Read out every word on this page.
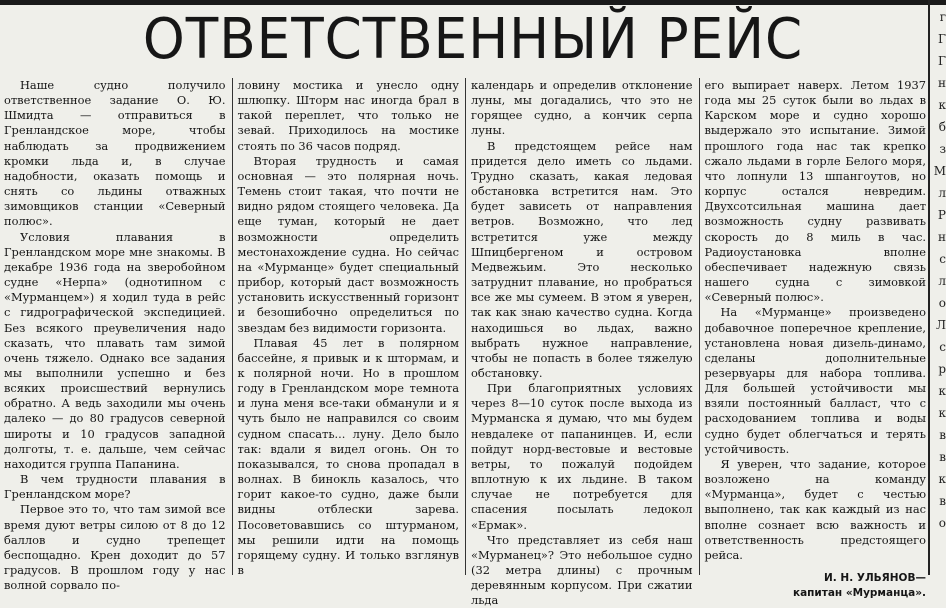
ОТВЕТСТВЕННЫЙ РЕЙС	г
Г
Г
н
к
б
з
М
л
Р
н
с
л
о
Л
с
р
к
к
в
в
к
в
о

Наше судно получило ответственное задание О. Ю. Шмидта — отправиться в Гренландское море, чтобы наблюдать за продвижением кромки льда и, в случае надобности, оказать помощь и снять со льдины отважных зимовщиков станции «Северный полюс».

Условия плавания в Гренландском море мне знакомы. В декабре 1936 года на зверобойном судне «Нерпа» (однотипном с «Мурманцем») я ходил туда в рейс с гидрографической экспедицией. Без всякого преувеличения надо сказать, что плавать там зимой очень тяжело. Однако все задания мы выполнили успешно и без всяких происшествий вернулись обратно. А ведь заходили мы очень далеко — до 80 градусов северной широты и 10 градусов западной долготы, т. е. дальше, чем сейчас находится группа Папанина.

В чем трудности плавания в Гренландском море?

Первое это то, что там зимой все время дуют ветры силою от 8 до 12 баллов и судно трепещет беспощадно. Крен доходит до 57 градусов. В прошлом году у нас волной сорвало по-

ловину мостика и унесло одну шлюпку. Шторм нас иногда брал в такой переплет, что только не зевай. Приходилось на мостике стоять по 36 часов подряд.

Вторая трудность и самая основная — это полярная ночь. Темень стоит такая, что почти не видно рядом стоящего человека. Да еще туман, который не дает возможности определить местонахождение судна. Но сейчас на «Мурманце» будет специальный прибор, который даст возможность установить искусственный горизонт и безошибочно определиться по звездам без видимости горизонта.

Плавая 45 лет в полярном бассейне, я привык и к штормам, и к полярной ночи. Но в прошлом году в Гренландском море темнота и луна меня все-таки обманули и я чуть было не направился со своим судном спасать... луну. Дело было так: вдали я видел огонь. Он то показывался, то снова пропадал в волнах. В бинокль казалось, что горит какое-то судно, даже были видны отблески зарева. Посоветовавшись со штурманом, мы решили идти на помощь горящему судну. И только взглянув в

календарь и определив отклонение луны, мы догадались, что это не горящее судно, а кончик серпа луны.

В предстоящем рейсе нам придется дело иметь со льдами. Трудно сказать, какая ледовая обстановка встретится нам. Это будет зависеть от направления ветров. Возможно, что лед встретится уже между Шпицбергеном и островом Медвежьим. Это несколько затруднит плавание, но пробраться все же мы сумеем. В этом я уверен, так как знаю качество судна. Когда находишься во льдах, важно выбрать нужное направление, чтобы не попасть в более тяжелую обстановку.

При благоприятных условиях через 8—10 суток после выхода из Мурманска я думаю, что мы будем невдалеке от папанинцев. И, если пойдут норд-вестовые и вестовые ветры, то пожалуй подойдем вплотную к их льдине. В таком случае не потребуется для спасения посылать ледокол «Ермак».

Что представляет из себя наш «Мурманец»? Это небольшое судно (32 метра длины) с прочным деревянным корпусом. При сжатии льда

его выпирает наверх. Летом 1937 года мы 25 суток были во льдах в Карском море и судно хорошо выдержало это испытание. Зимой прошлого года нас так крепко сжало льдами в горле Белого моря, что лопнули 13 шпангоутов, но корпус остался невредим. Двухсотсильная машина дает возможность судну развивать скорость до 8 миль в час. Радиоустановка вполне обеспечивает надежную связь нашего судна с зимовкой «Северный полюс».

На «Мурманце» произведено добавочное поперечное крепление, установлена новая дизель-динамо, сделаны дополнительные резервуары для набора топлива. Для большей устойчивости мы взяли постоянный балласт, что с расходованием топлива и воды судно будет облегчаться и терять устойчивость.

Я уверен, что задание, которое возложено на команду «Мурманца», будет с честью выполнено, так как каждый из нас вполне сознает всю важность и ответственность предстоящего рейса.

И. Н. УЛЬЯНОВ—
капитан «Мурманца».
